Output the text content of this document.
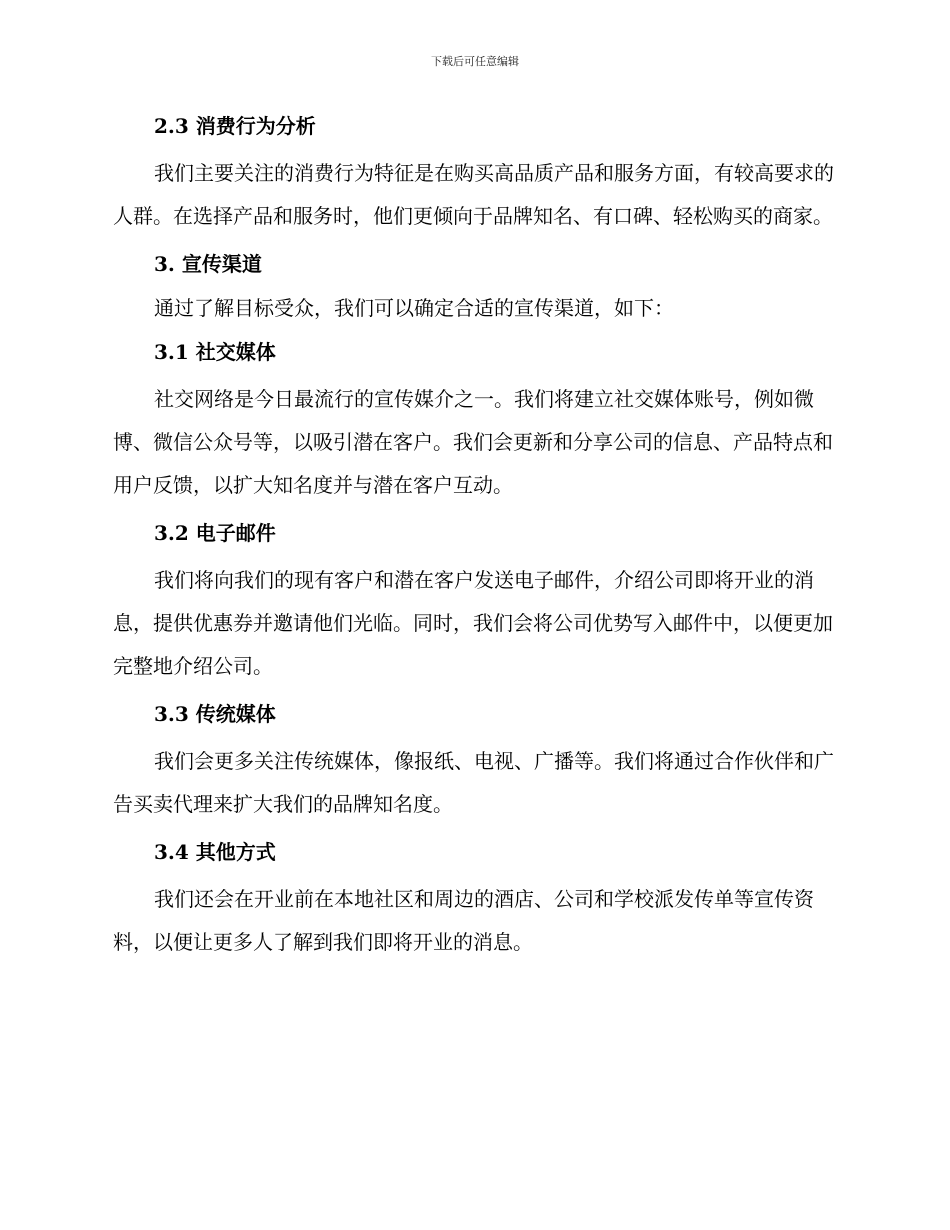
下载后可任意编辑
2.3 消费行为分析
我们主要关注的消费行为特征是在购买高品质产品和服务方面，有较高要求的人群。在选择产品和服务时，他们更倾向于品牌知名、有口碑、轻松购买的商家。
3. 宣传渠道
通过了解目标受众，我们可以确定合适的宣传渠道，如下：
3.1 社交媒体
社交网络是今日最流行的宣传媒介之一。我们将建立社交媒体账号，例如微博、微信公众号等，以吸引潜在客户。我们会更新和分享公司的信息、产品特点和用户反馈，以扩大知名度并与潜在客户互动。
3.2 电子邮件
我们将向我们的现有客户和潜在客户发送电子邮件，介绍公司即将开业的消息，提供优惠券并邀请他们光临。同时，我们会将公司优势写入邮件中，以便更加完整地介绍公司。
3.3 传统媒体
我们会更多关注传统媒体，像报纸、电视、广播等。我们将通过合作伙伴和广告买卖代理来扩大我们的品牌知名度。
3.4 其他方式
我们还会在开业前在本地社区和周边的酒店、公司和学校派发传单等宣传资料，以便让更多人了解到我们即将开业的消息。
